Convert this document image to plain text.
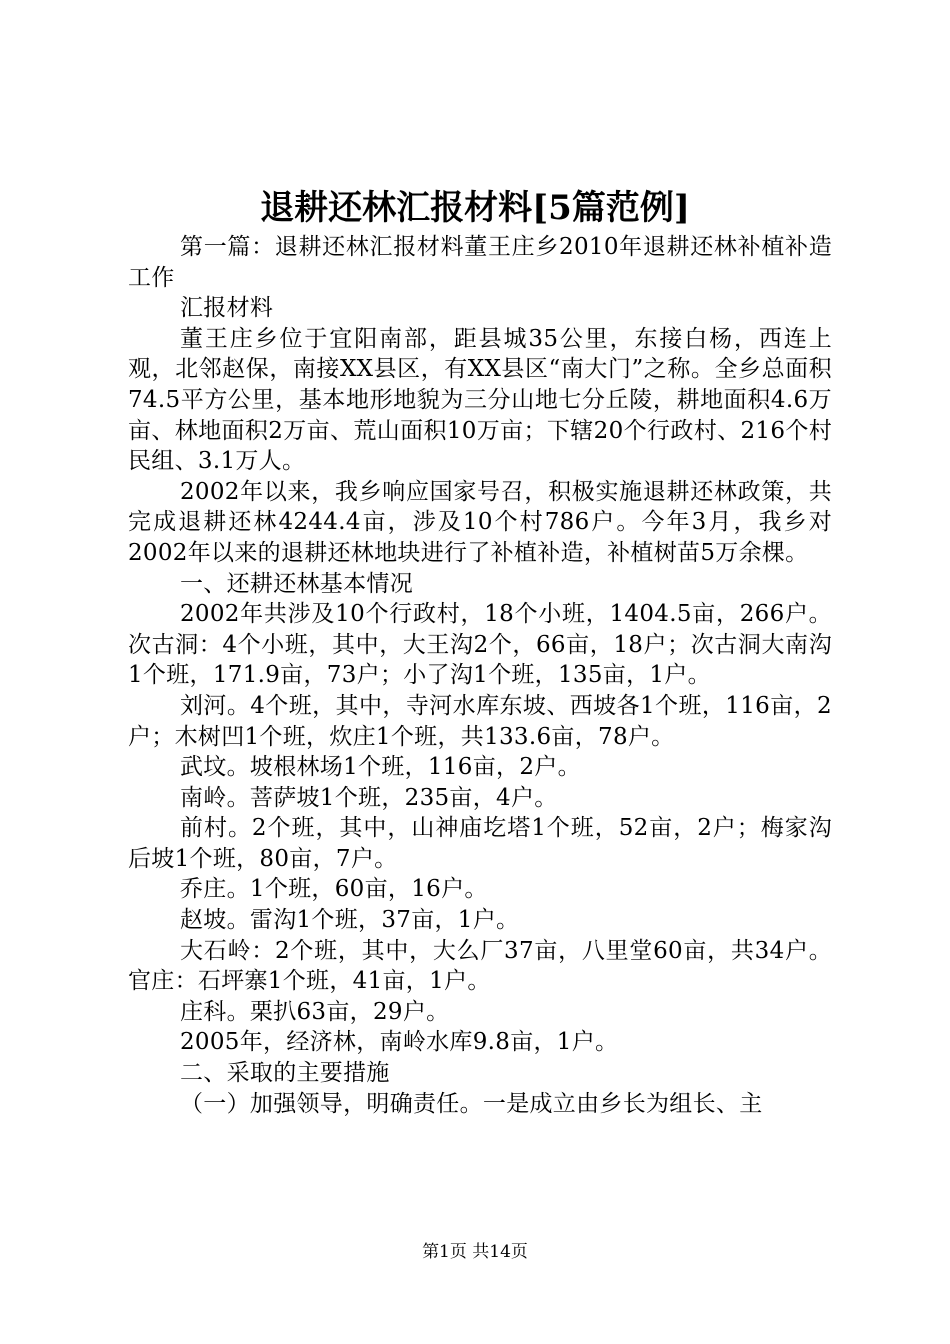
退耕还林汇报材料[5篇范例]

第一篇：退耕还林汇报材料董王庄乡2010年退耕还林补植补造工作

汇报材料

董王庄乡位于宜阳南部，距县城35公里，东接白杨，西连上观，北邻赵保，南接XX县区，有XX县区“南大门”之称。全乡总面积74.5平方公里，基本地形地貌为三分山地七分丘陵，耕地面积4.6万亩、林地面积2万亩、荒山面积10万亩；下辖20个行政村、216个村民组、3.1万人。

2002年以来，我乡响应国家号召，积极实施退耕还林政策，共完成退耕还林4244.4亩，涉及10个村786户。今年3月，我乡对2002年以来的退耕还林地块进行了补植补造，补植树苗5万余棵。

一、还耕还林基本情况

2002年共涉及10个行政村，18个小班，1404.5亩，266户。次古洞：4个小班，其中，大王沟2个，66亩，18户；次古洞大南沟1个班，171.9亩，73户；小了沟1个班，135亩，1户。

刘河。4个班，其中，寺河水库东坡、西坡各1个班，116亩，2户；木树凹1个班，炊庄1个班，共133.6亩，78户。

武坟。坡根林场1个班，116亩，2户。

南岭。菩萨坡1个班，235亩，4户。

前村。2个班，其中，山神庙圪塔1个班，52亩，2户；梅家沟后坡1个班，80亩，7户。

乔庄。1个班，60亩，16户。

赵坡。雷沟1个班，37亩，1户。

大石岭：2个班，其中，大么厂37亩，八里堂60亩，共34户。官庄：石坪寨1个班，41亩，1户。

庄科。栗扒63亩，29户。

2005年，经济林，南岭水库9.8亩，1户。

二、采取的主要措施

（一）加强领导，明确责任。一是成立由乡长为组长、主

第1页 共14页
